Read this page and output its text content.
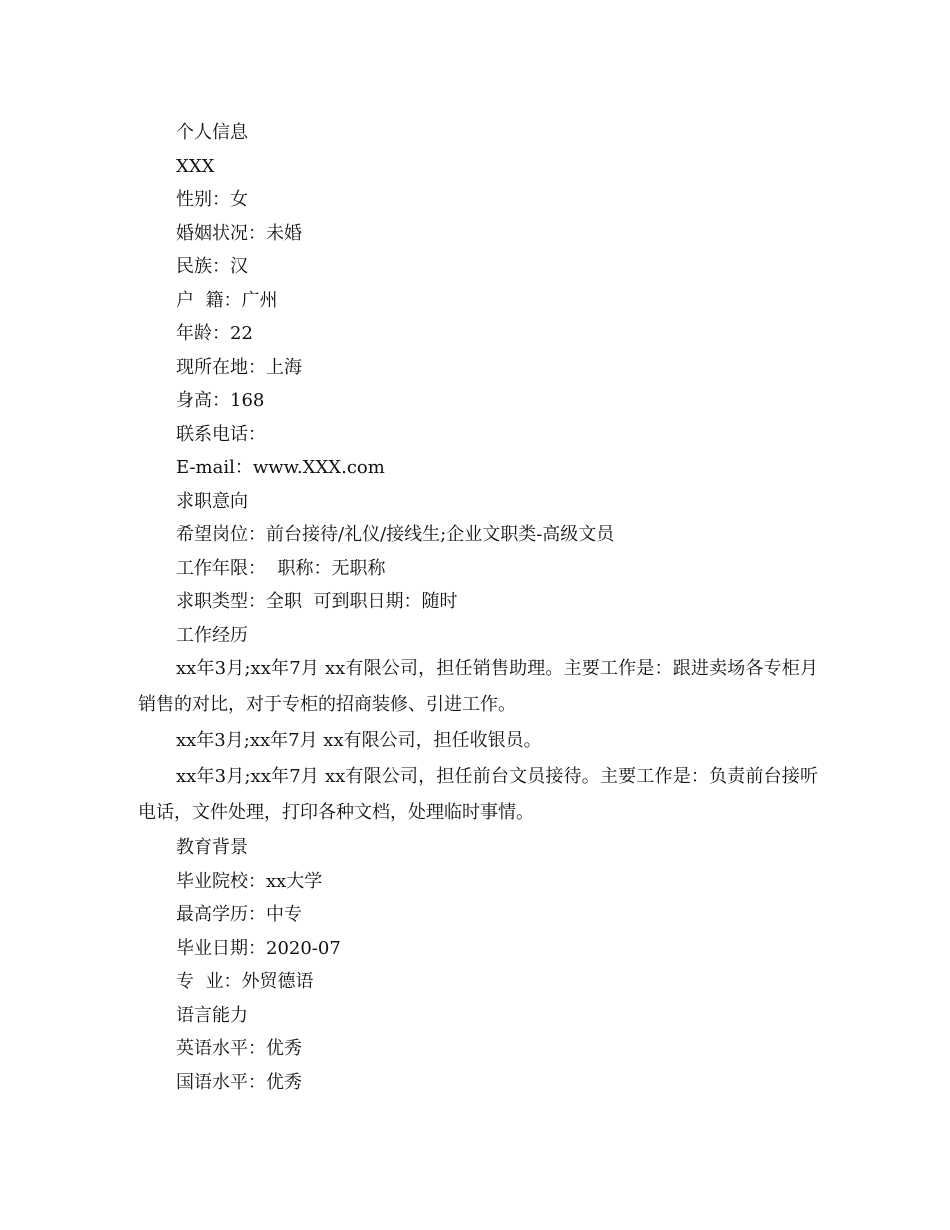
个人信息

XXX

性别：女

婚姻状况：未婚

民族：汉

户  籍：广州

年龄：22

现所在地：上海

身高：168

联系电话：

E-mail：www.XXX.com

求职意向

希望岗位：前台接待/礼仪/接线生;企业文职类-高级文员

工作年限：  职称：无职称

求职类型：全职  可到职日期：随时

工作经历

xx年3月;xx年7月 xx有限公司，担任销售助理。主要工作是：跟进卖场各专柜月销售的对比，对于专柜的招商装修、引进工作。

xx年3月;xx年7月 xx有限公司，担任收银员。

xx年3月;xx年7月 xx有限公司，担任前台文员接待。主要工作是：负责前台接听电话，文件处理，打印各种文档，处理临时事情。

教育背景

毕业院校：xx大学

最高学历：中专

毕业日期：2020-07

专  业：外贸德语

语言能力

英语水平：优秀

国语水平：优秀
